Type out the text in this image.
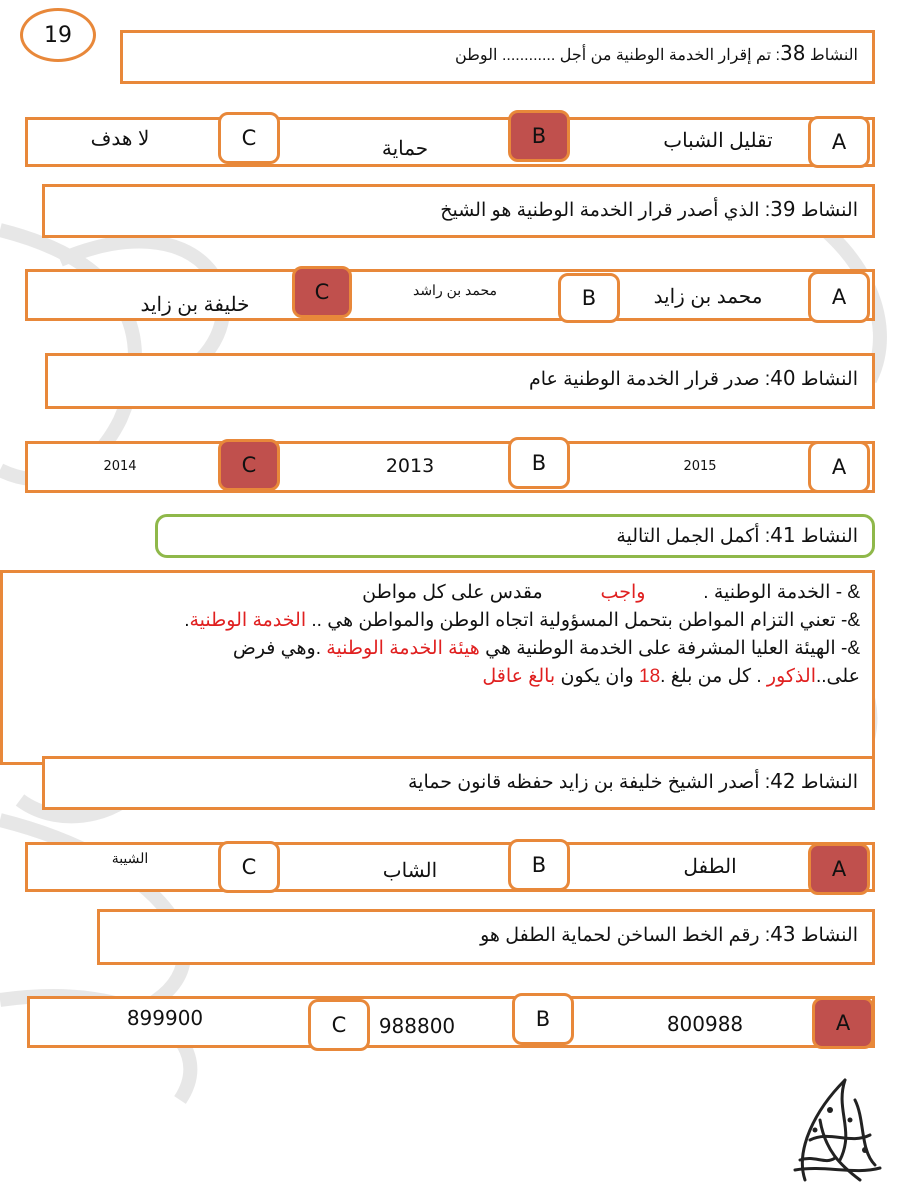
19
النشاط 38: تم إقرار الخدمة الوطنية من أجل ............ الوطن
تقليل الشباب
حماية
لا هدف	A
B
C
النشاط 39: الذي أصدر قرار الخدمة الوطنية هو الشيخ
محمد بن زايد
محمد بن راشد
خليفة بن زايد	A
B
C
النشاط 40: صدر قرار الخدمة الوطنية عام
2015
2013
2014	A
B
C
النشاط 41: أكمل الجمل التالية
& - الخدمة الوطنية . واجب مقدس على كل مواطن
&- تعني التزام المواطن بتحمل المسؤولية اتجاه الوطن والمواطن هي .. الخدمة الوطنية.
&- الهيئة العليا المشرفة على الخدمة الوطنية هي هيئة الخدمة الوطنية .وهي فرض
على..الذكور . كل من بلغ .18 وان يكون بالغ عاقل
النشاط 42: أصدر الشيخ خليفة بن زايد حفظه قانون حماية
الطفل
الشاب
الشيبة	A
B
C
النشاط 43: رقم الخط الساخن لحماية الطفل هو
800988
988800
899900	A
B
C
